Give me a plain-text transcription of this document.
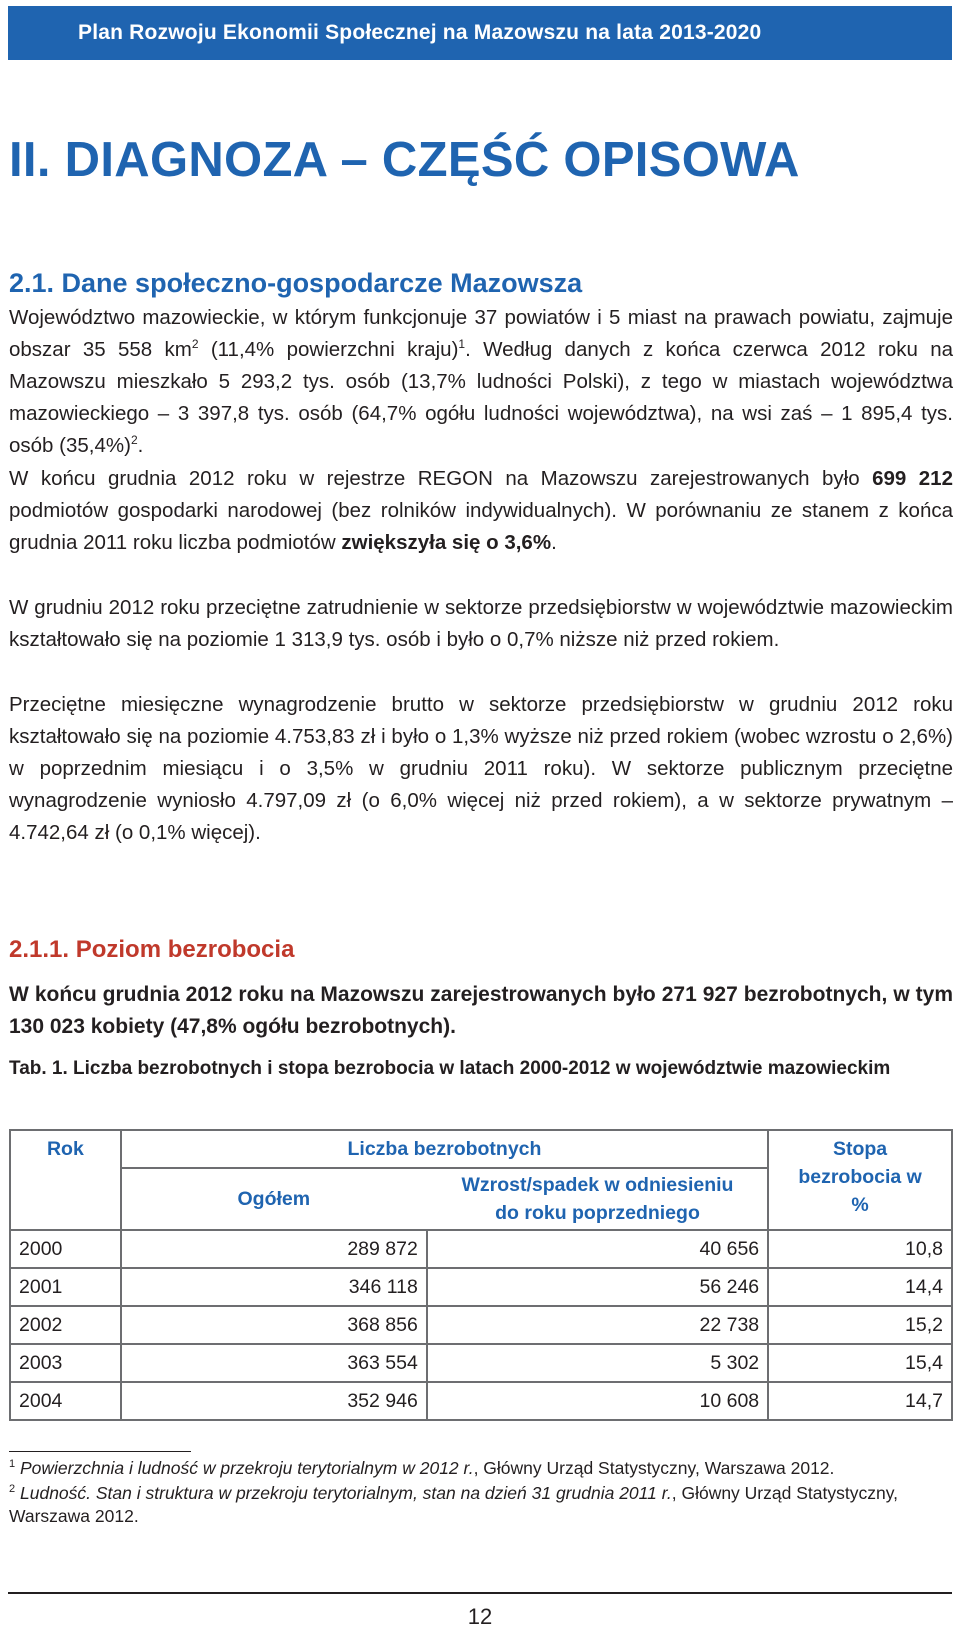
Plan Rozwoju Ekonomii Społecznej na Mazowszu na lata 2013-2020
II. DIAGNOZA – CZĘŚĆ OPISOWA
2.1. Dane społeczno-gospodarcze Mazowsza

Województwo mazowieckie, w którym funkcjonuje 37 powiatów i 5 miast na prawach powiatu, zajmuje obszar 35 558 $km^2$ (11,4% powierzchni kraju)$^1$. Według danych z końca czerwca 2012 roku na Mazowszu mieszkało 5 293,2 tys. osób (13,7% ludności Polski), z tego w miastach województwa mazowieckiego – 3 397,8 tys. osób (64,7% ogółu ludności województwa), na wsi zaś – 1 895,4 tys. osób $(35,4\%)^2$.

W końcu grudnia 2012 roku w rejestrze REGON na Mazowszu zarejestrowanych było 699 212 podmiotów gospodarki narodowej (bez rolników indywidualnych). W porównaniu ze stanem z końca grudnia 2011 roku liczba podmiotów zwiększyła się o 3,6%.

W grudniu 2012 roku przeciętne zatrudnienie w sektorze przedsiębiorstw w województwie mazowieckim kształtowało się na poziomie 1 313,9 tys. osób i było o 0,7% niższe niż przed rokiem.

Przeciętne miesięczne wynagrodzenie brutto w sektorze przedsiębiorstw w grudniu 2012 roku kształtowało się na poziomie 4.753,83 zł i było o 1,3% wyższe niż przed rokiem (wobec wzrostu o 2,6%) w poprzednim miesiącu i o 3,5% w grudniu 2011 roku). W sektorze publicznym przeciętne wynagrodzenie wyniosło 4.797,09 zł (o 6,0% więcej niż przed rokiem), a w sektorze prywatnym – 4.742,64 zł (o 0,1% więcej).

2.1.1. Poziom bezrobocia

W końcu grudnia 2012 roku na Mazowszu zarejestrowanych było 271 927 bezrobotnych, w tym 130 023 kobiety (47,8% ogółu bezrobotnych).

Tab. 1. Liczba bezrobotnych i stopa bezrobocia w latach 2000-2012 w województwie mazowieckim

Rok	Liczba bezrobotnych		Stopa bezrobocia w %
	Ogółem	Wzrost/spadek w odniesieniu do roku poprzedniego	
2000	289 872	40 656	10,8
2001	346 118	56 246	14,4
2002	368 856	22 738	15,2
2003	363 554	5 302	15,4
2004	352 946	10 608	14,7

$^1$ Powierzchnia i ludność w przekroju terytorialnym w 2012 r., Główny Urząd Statystyczny, Warszawa 2012.

$^2$ Ludność. Stan i struktura w przekroju terytorialnym, stan na dzień 31 grudnia 2011 r., Główny Urząd Statystyczny, Warszawa 2012.

12
